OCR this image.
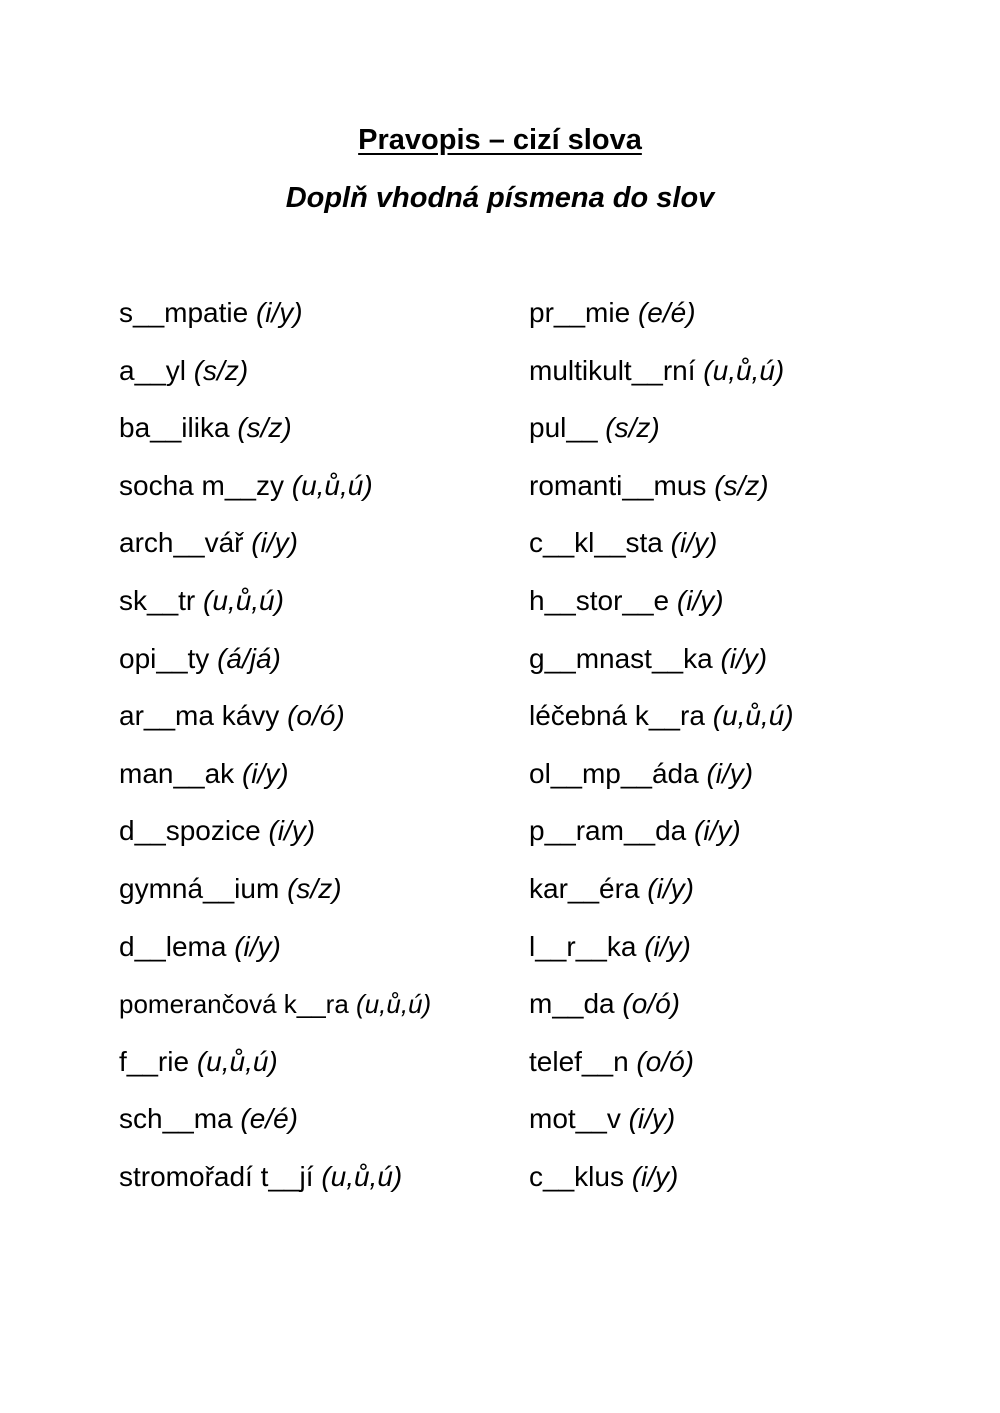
Pravopis – cizí slova
Doplň vhodná písmena do slov
s__mpatie (i/y)
a__yl (s/z)
ba__ilika (s/z)
socha m__zy (u,ů,ú)
arch__vář (i/y)
sk__tr (u,ů,ú)
opi__ty (á/já)
ar__ma kávy (o/ó)
man__ak (i/y)
d__spozice (i/y)
gymná__ium (s/z)
d__lema (i/y)
pomerančová k__ra (u,ů,ú)
f__rie (u,ů,ú)
sch__ma (e/é)
stromořadí t__jí (u,ů,ú)
pr__mie (e/é)
multikult__rní (u,ů,ú)
pul__ (s/z)
romanti__mus (s/z)
c__kl__sta (i/y)
h__stor__e (i/y)
g__mnast__ka (i/y)
léčebná k__ra (u,ů,ú)
ol__mp__áda (i/y)
p__ram__da (i/y)
kar__éra (i/y)
l__r__ka (i/y)
m__da (o/ó)
telef__n (o/ó)
mot__v (i/y)
c__klus (i/y)
